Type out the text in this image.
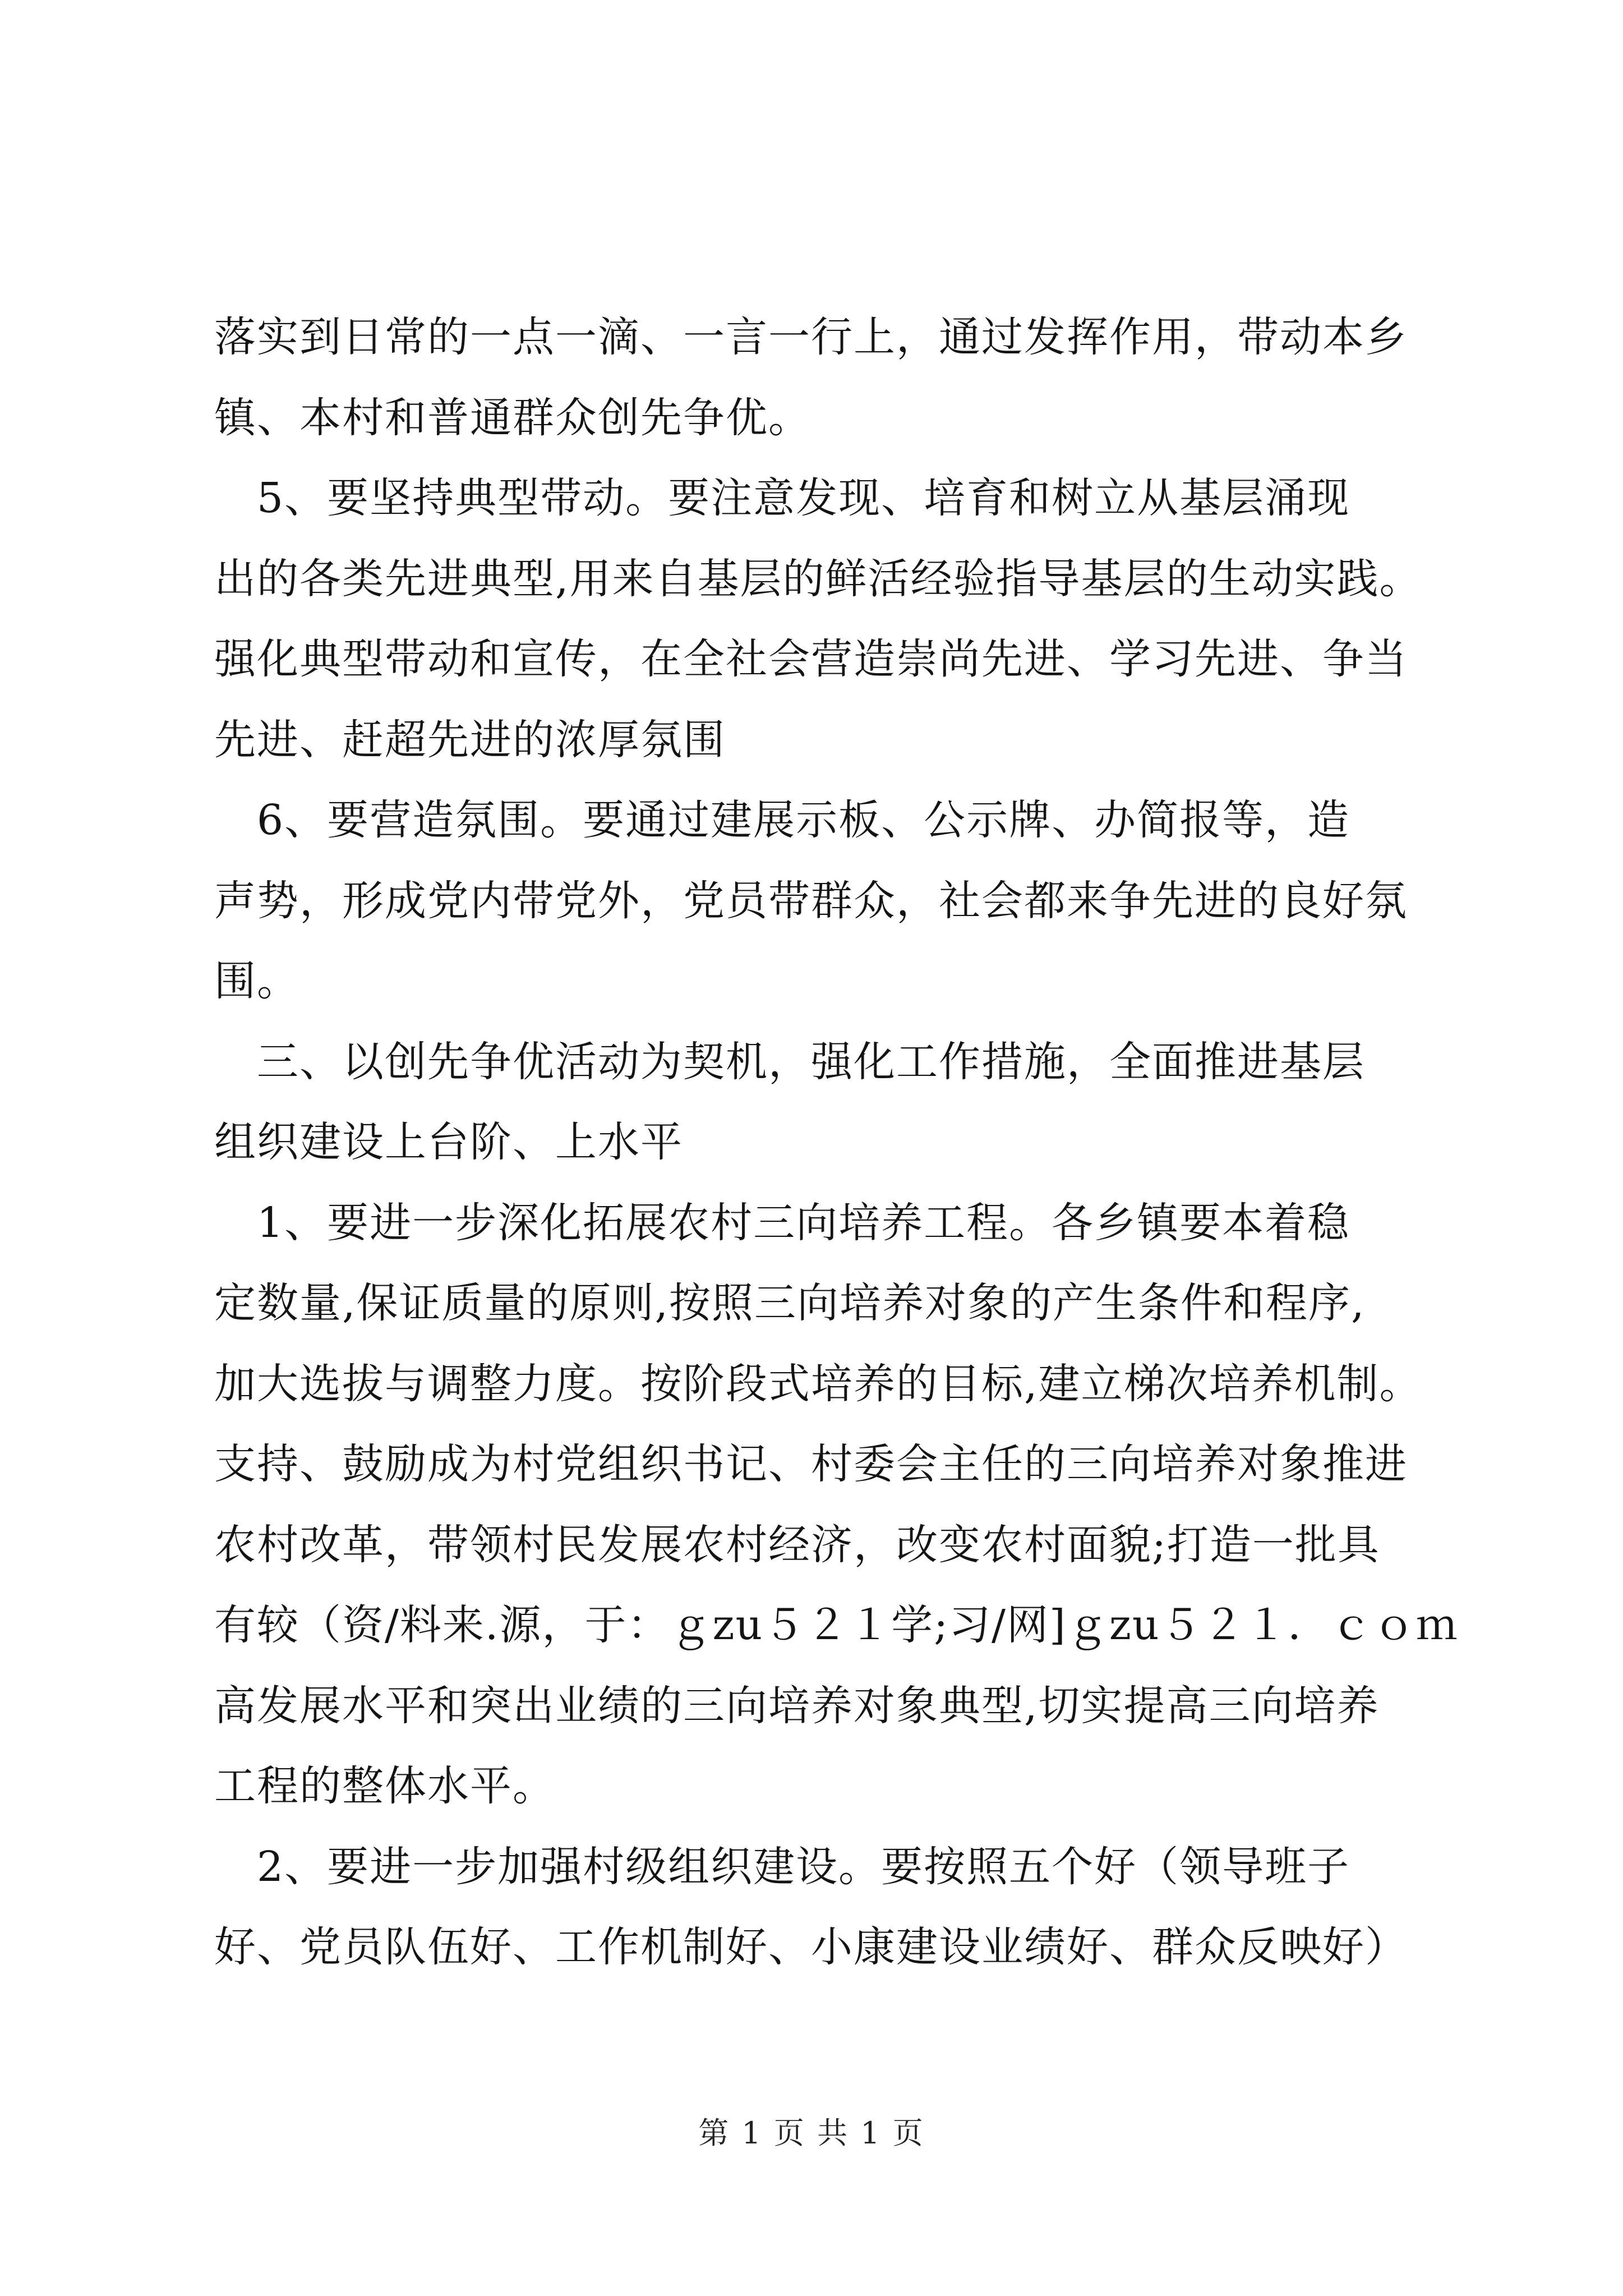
落实到日常的一点一滴、一言一行上，通过发挥作用，带动本乡
镇、本村和普通群众创先争优。
　5、要坚持典型带动。要注意发现、培育和树立从基层涌现
出的各类先进典型,用来自基层的鲜活经验指导基层的生动实践。
强化典型带动和宣传，在全社会营造崇尚先进、学习先进、争当
先进、赶超先进的浓厚氛围
　6、要营造氛围。要通过建展示板、公示牌、办简报等，造
声势，形成党内带党外，党员带群众，社会都来争先进的良好氛
围。
　三、以创先争优活动为契机，强化工作措施，全面推进基层
组织建设上台阶、上水平
　1、要进一步深化拓展农村三向培养工程。各乡镇要本着稳
定数量,保证质量的原则,按照三向培养对象的产生条件和程序,
加大选拔与调整力度。按阶段式培养的目标,建立梯次培养机制。
支持、鼓励成为村党组织书记、村委会主任的三向培养对象推进
农村改革，带领村民发展农村经济，改变农村面貌;打造一批具
有较（资/料来.源，于：ｇzu５２１学;习/网]ｇzu５２１．ｃｏｍ
高发展水平和突出业绩的三向培养对象典型,切实提高三向培养
工程的整体水平。
　2、要进一步加强村级组织建设。要按照五个好（领导班子
好、党员队伍好、工作机制好、小康建设业绩好、群众反映好）
第 1 页 共 1 页
